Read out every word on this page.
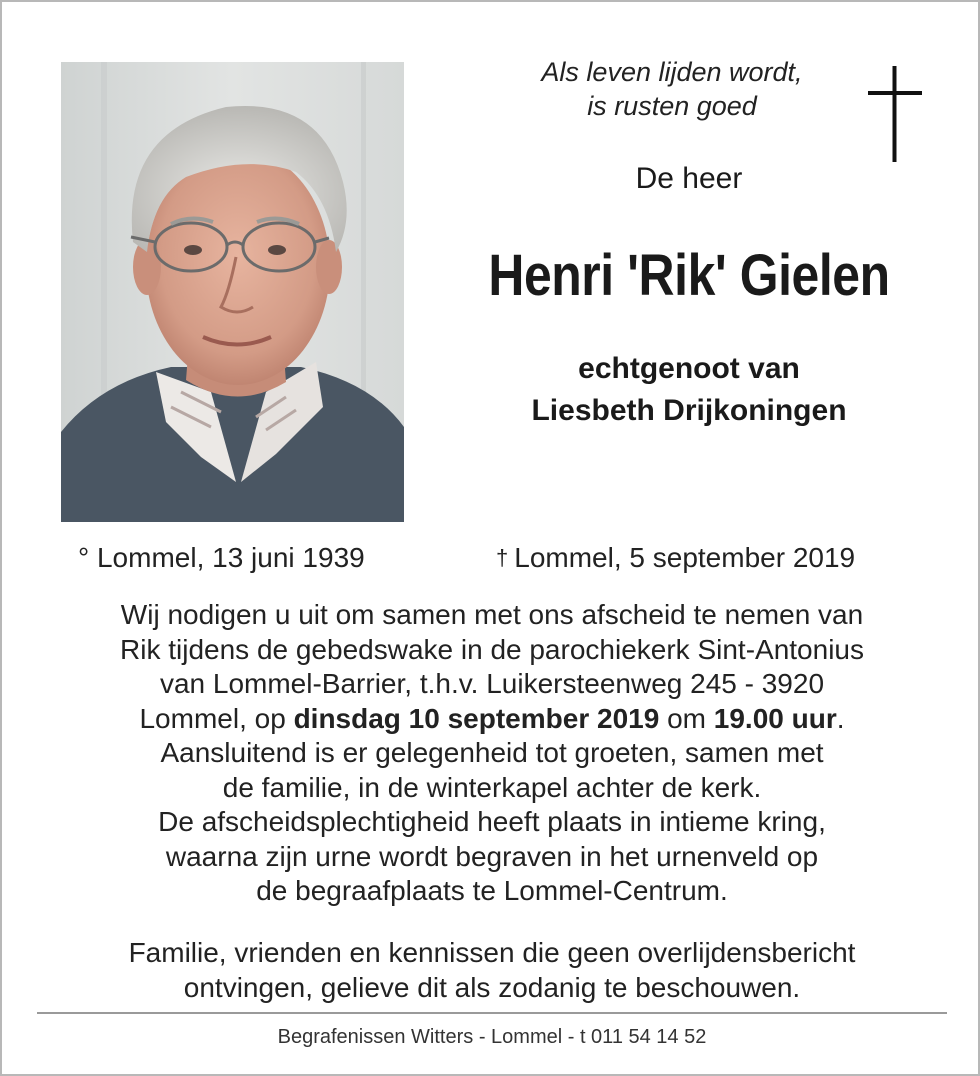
Als leven lijden wordt,
is rusten goed
De heer
Henri 'Rik' Gielen
echtgenoot van
Liesbeth Drijkoningen
° Lommel, 13 juni 1939	† Lommel, 5 september 2019
Wij nodigen u uit om samen met ons afscheid te nemen van
Rik tijdens de gebedswake in de parochiekerk Sint-Antonius
van Lommel-Barrier, t.h.v. Luikersteenweg 245 - 3920
Lommel, op dinsdag 10 september 2019 om 19.00 uur.
Aansluitend is er gelegenheid tot groeten, samen met
de familie, in de winterkapel achter de kerk.
De afscheidsplechtigheid heeft plaats in intieme kring,
waarna zijn urne wordt begraven in het urnenveld op
de begraafplaats te Lommel-Centrum.
Familie, vrienden en kennissen die geen overlijdensbericht
ontvingen, gelieve dit als zodanig te beschouwen.
Begrafenissen Witters - Lommel - t 011 54 14 52
